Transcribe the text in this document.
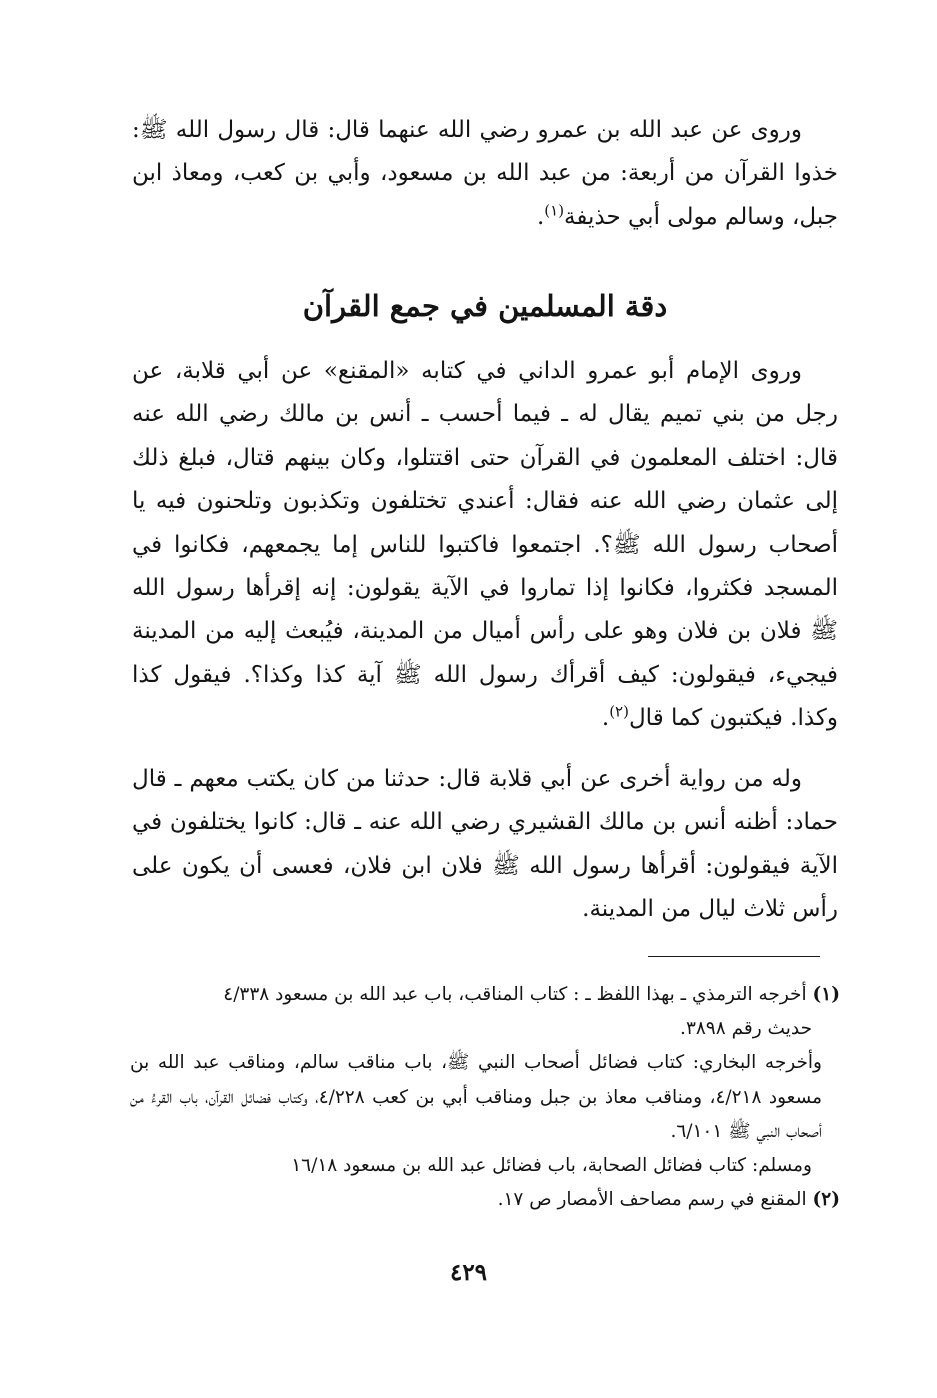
وروى عن عبد الله بن عمرو رضي الله عنهما قال: قال رسول الله ﷺ: خذوا القرآن من أربعة: من عبد الله بن مسعود، وأبي بن كعب، ومعاذ ابن جبل، وسالم مولى أبي حذيفة$^{(١)}$.

دقة المسلمين في جمع القرآن

وروى الإمام أبو عمرو الداني في كتابه «المقنع» عن أبي قلابة، عن رجل من بني تميم يقال له ـ فيما أحسب ـ أنس بن مالك رضي الله عنه قال: اختلف المعلمون في القرآن حتى اقتتلوا، وكان بينهم قتال، فبلغ ذلك إلى عثمان رضي الله عنه فقال: أعندي تختلفون وتكذبون وتلحنون فيه يا أصحاب رسول الله ﷺ؟. اجتمعوا فاكتبوا للناس إما يجمعهم، فكانوا في المسجد فكثروا، فكانوا إذا تماروا في الآية يقولون: إنه إقرأها رسول الله ﷺ فلان بن فلان وهو على رأس أميال من المدينة، فيُبعث إليه من المدينة فيجيء، فيقولون: كيف أقرأك رسول الله ﷺ آية كذا وكذا؟. فيقول كذا وكذا. فيكتبون كما قال$^{(٢)}$.

وله من رواية أخرى عن أبي قلابة قال: حدثنا من كان يكتب معهم ـ قال حماد: أظنه أنس بن مالك القشيري رضي الله عنه ـ قال: كانوا يختلفون في الآية فيقولون: أقرأها رسول الله ﷺ فلان ابن فلان، فعسى أن يكون على رأس ثلاث ليال من المدينة.

(١) أخرجه الترمذي ـ بهذا اللفظ ـ : كتاب المناقب، باب عبد الله بن مسعود ٤/٣٣٨

حديث رقم ٣٨٩٨.

وأخرجه البخاري: كتاب فضائل أصحاب النبي ﷺ، باب مناقب سالم، ومناقب عبد الله بن مسعود ٤/٢١٨، ومناقب معاذ بن جبل ومناقب أبي بن كعب ٤/٢٢٨، وكتاب فضائل القرآن، باب القرءُ من أصحاب النبي ﷺ ٦/١٠١.

ومسلم: كتاب فضائل الصحابة، باب فضائل عبد الله بن مسعود ١٦/١٨

(٢) المقنع في رسم مصاحف الأمصار ص ١٧.

٤٢٩
